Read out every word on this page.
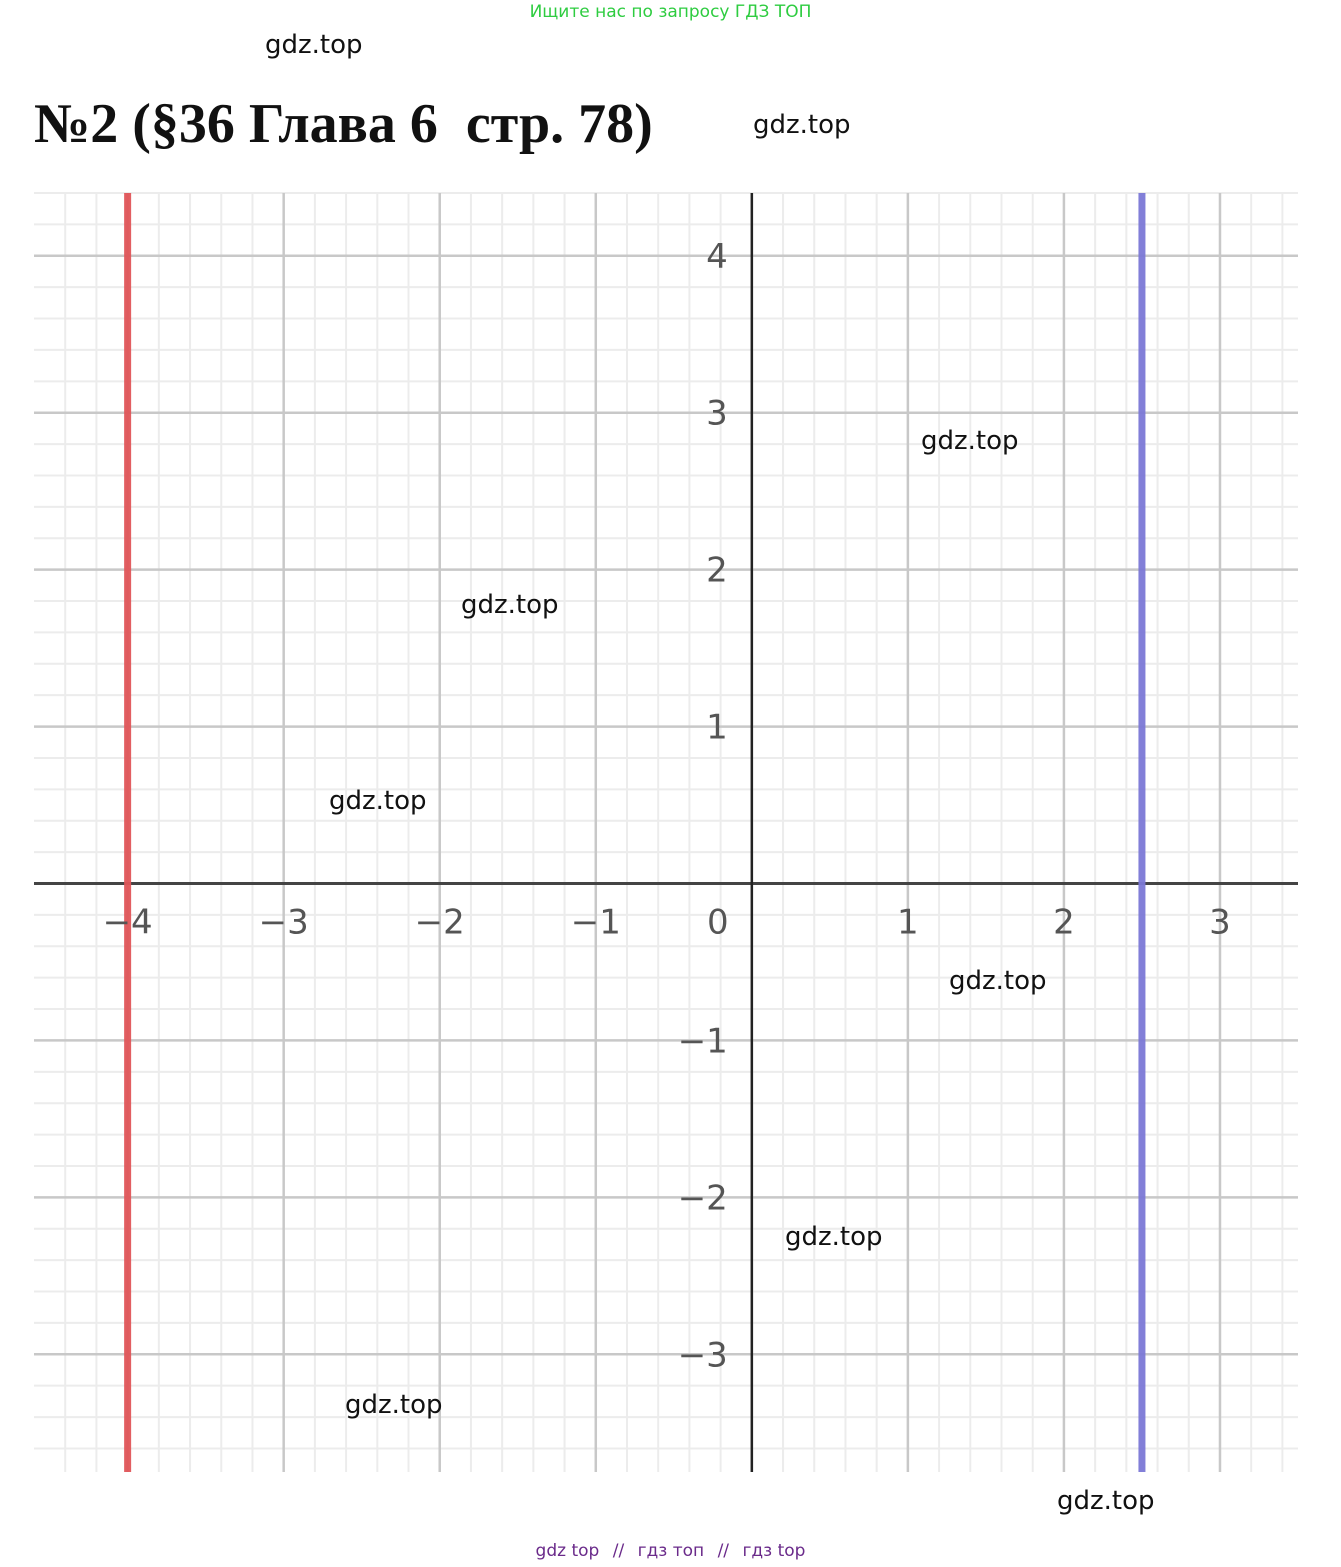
Ищите нас по запросу ГДЗ ТОП
№2 (§36 Глава 6  стр. 78)
−4	−3	−2	−1	1	2	3
0
4
3
2
1
−1
−2
−3
gdz.top
gdz.top
gdz.top
gdz.top
gdz.top
gdz.top
gdz.top
gdz.top
gdz.top
gdz top // гдз топ // гдз top
